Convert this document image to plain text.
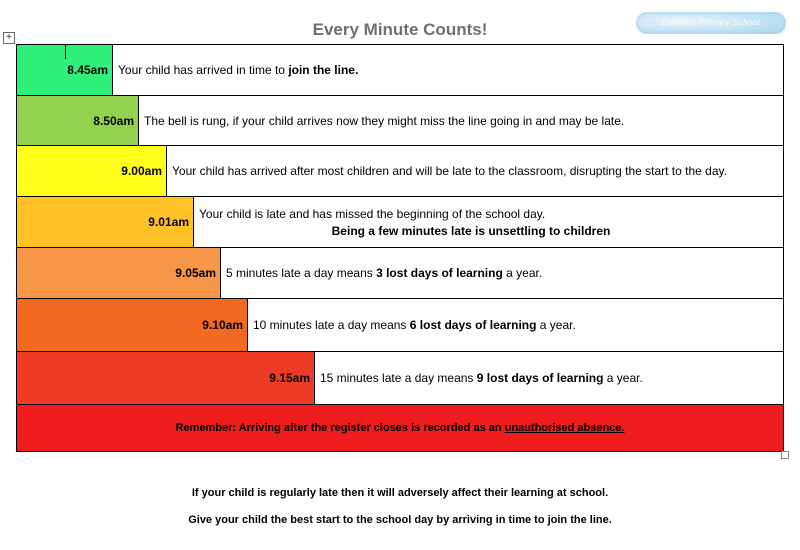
Every Minute Counts!	Delaford Primary School
+
8.45am Your child has arrived in time to join the line.
8.50am The bell is rung, if your child arrives now they might miss the line going in and may be late.
9.00am Your child has arrived after most children and will be late to the classroom, disrupting the start to the day.
9.01am
Your child is late and has missed the beginning of the school day.
Being a few minutes late is unsettling to children
9.05am 5 minutes late a day means 3 lost days of learning a year.
9.10am 10 minutes late a day means 6 lost days of learning a year.
9.15am 15 minutes late a day means 9 lost days of learning a year.
Remember: Arriving after the register closes is recorded as an unauthorised absence.
If your child is regularly late then it will adversely affect their learning at school.
Give your child the best start to the school day by arriving in time to join the line.
